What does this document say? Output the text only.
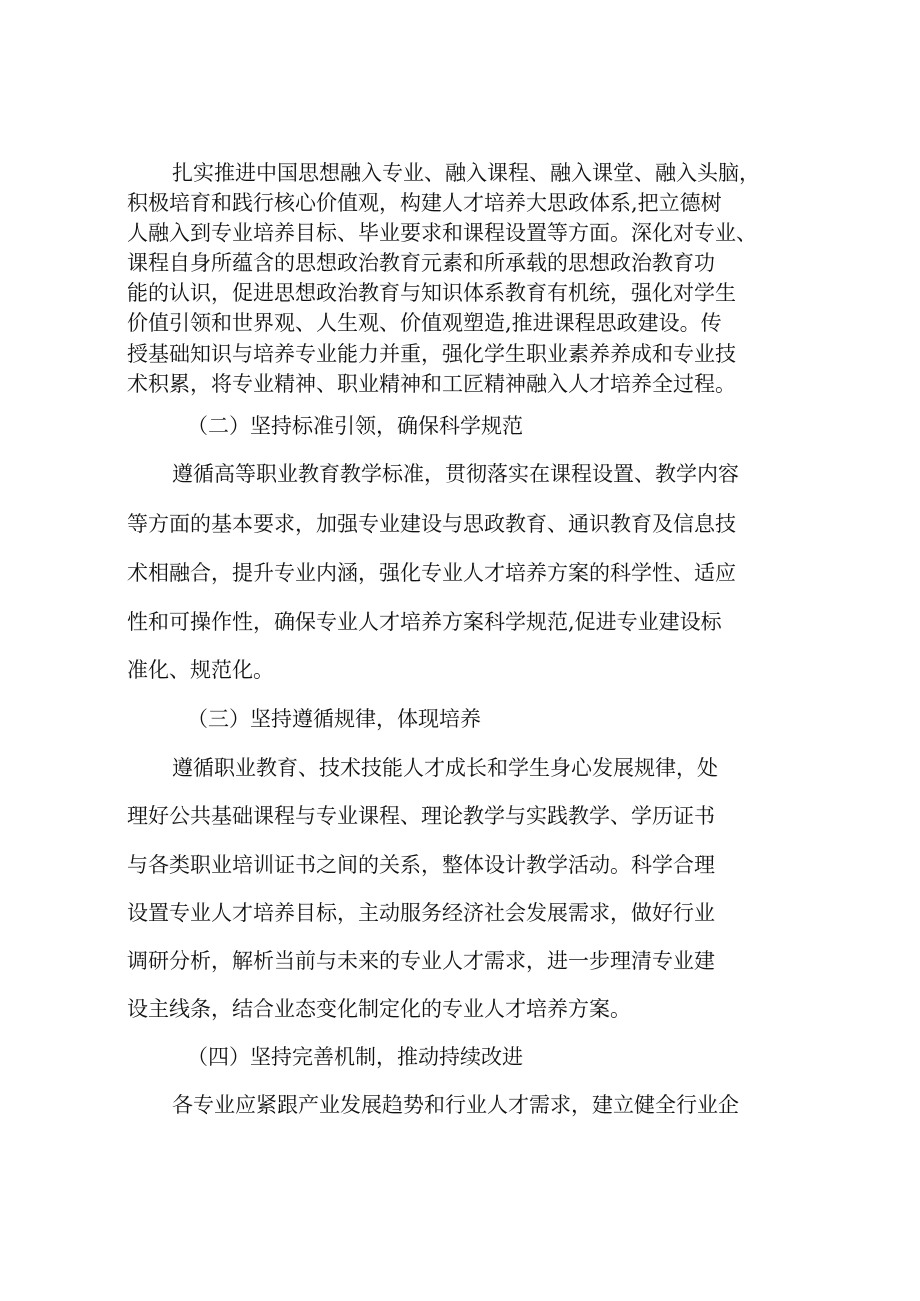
扎实推进中国思想融入专业、融入课程、融入课堂、融入头脑，

积极培育和践行核心价值观，构建人才培养大思政体系,把立德树

人融入到专业培养目标、毕业要求和课程设置等方面。深化对专业、

课程自身所蕴含的思想政治教育元素和所承载的思想政治教育功

能的认识，促进思想政治教育与知识体系教育有机统，强化对学生

价值引领和世界观、人生观、价值观塑造,推进课程思政建设。传

授基础知识与培养专业能力并重，强化学生职业素养养成和专业技

术积累，将专业精神、职业精神和工匠精神融入人才培养全过程。

（二）坚持标准引领，确保科学规范

遵循高等职业教育教学标准，贯彻落实在课程设置、教学内容

等方面的基本要求，加强专业建设与思政教育、通识教育及信息技

术相融合，提升专业内涵，强化专业人才培养方案的科学性、适应

性和可操作性，确保专业人才培养方案科学规范,促进专业建设标

准化、规范化。

（三）坚持遵循规律，体现培养

遵循职业教育、技术技能人才成长和学生身心发展规律，处

理好公共基础课程与专业课程、理论教学与实践教学、学历证书

与各类职业培训证书之间的关系，整体设计教学活动。科学合理

设置专业人才培养目标，主动服务经济社会发展需求，做好行业

调研分析，解析当前与未来的专业人才需求，进一步理清专业建

设主线条，结合业态变化制定化的专业人才培养方案。

（四）坚持完善机制，推动持续改进

各专业应紧跟产业发展趋势和行业人才需求，建立健全行业企
